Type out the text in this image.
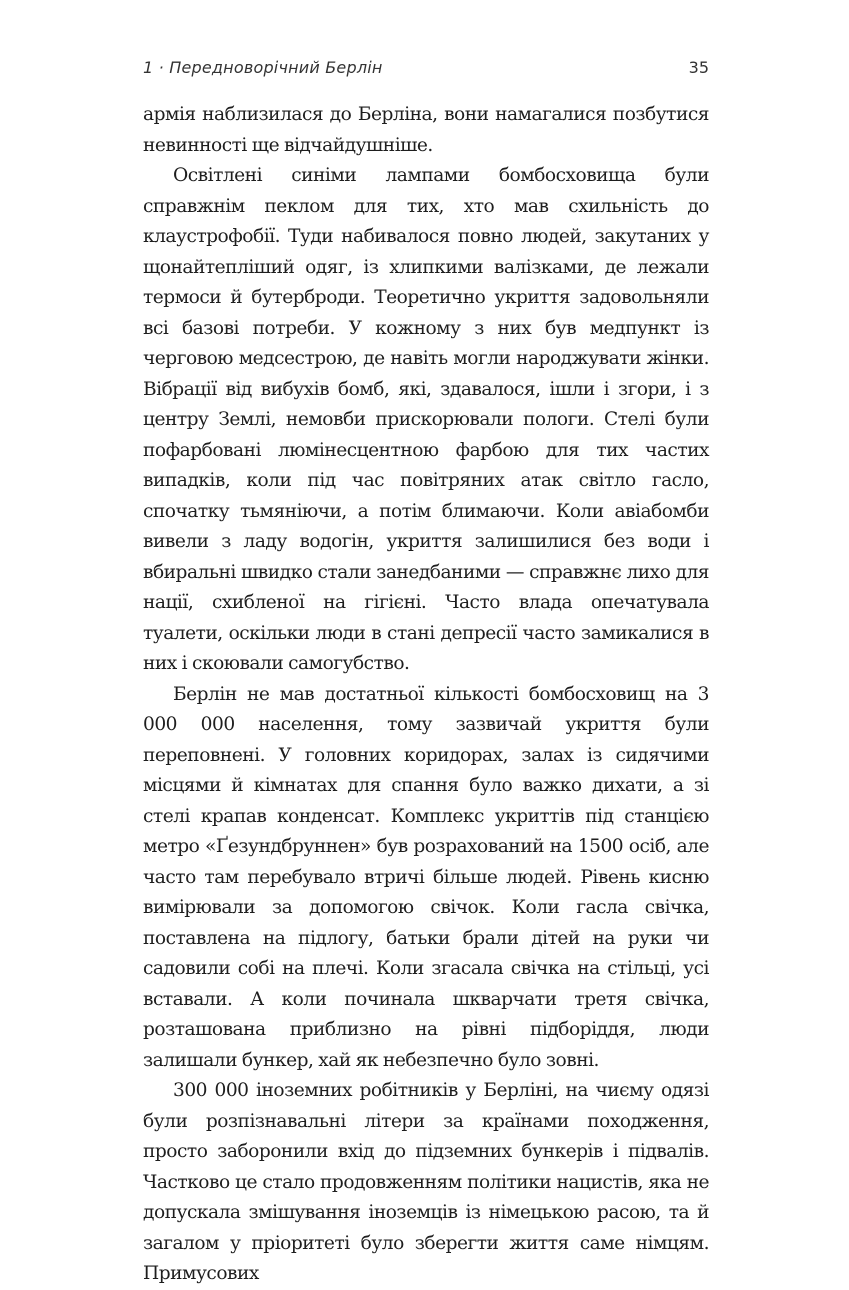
1 · Передноворічний Берлін	35

армія наблизилася до Берліна, вони намагалися позбутися невинності ще відчайдушніше.

Освітлені синіми лампами бомбосховища були справжнім пеклом для тих, хто мав схильність до клаустрофобії. Туди набивалося повно людей, закутаних у щонайтепліший одяг, із хлипкими валізками, де лежали термоси й бутерброди. Теоретично укриття задовольняли всі базові потреби. У кожному з них був медпункт із черговою медсестрою, де навіть могли народжувати жінки. Вібрації від вибухів бомб, які, здавалося, ішли і згори, і з центру Землі, немовби прискорювали пологи. Стелі були пофарбовані люмінесцентною фарбою для тих частих випадків, коли під час повітряних атак світло гасло, спочатку тьмяніючи, а потім блимаючи. Коли авіабомби вивели з ладу водогін, укриття залишилися без води і вбиральні швидко стали занедбаними — справжнє лихо для нації, схибленої на гігієні. Часто влада опечатувала туалети, оскільки люди в стані депресії часто замикалися в них і скоювали самогубство.

Берлін не мав достатньої кількості бомбосховищ на 3 000 000 населення, тому зазвичай укриття були переповнені. У головних коридорах, залах із сидячими місцями й кімнатах для спання було важко дихати, а зі стелі крапав конденсат. Комплекс укриттів під станцією метро «Ґезундбруннен» був розрахований на 1500 осіб, але часто там перебувало втричі більше людей. Рівень кисню вимірювали за допомогою свічок. Коли гасла свічка, поставлена на підлогу, батьки брали дітей на руки чи садовили собі на плечі. Коли згасала свічка на стільці, усі вставали. А коли починала шкварчати третя свічка, розташована приблизно на рівні підборіддя, люди залишали бункер, хай як небезпечно було зовні.

300 000 іноземних робітників у Берліні, на чиєму одязі були розпізнавальні літери за країнами походження, просто заборонили вхід до підземних бункерів і підвалів. Частково це стало продовженням політики нацистів, яка не допускала змішування іноземців із німецькою расою, та й загалом у пріоритеті було зберегти життя саме німцям. Примусових
